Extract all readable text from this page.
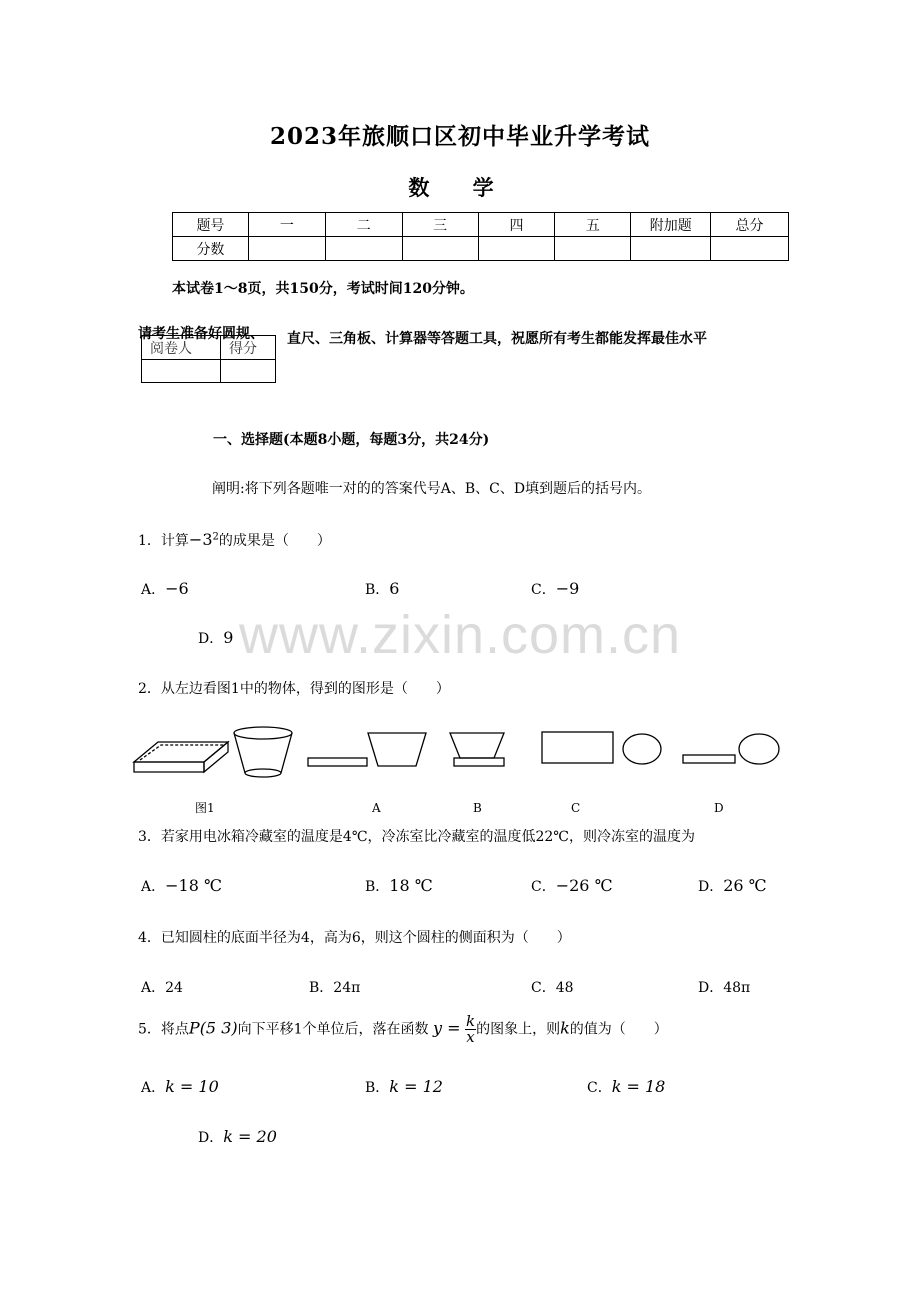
2023年旅顺口区初中毕业升学考试
数 学
题号	一	二	三	四	五	附加题	总分
分数							
本试卷1～8页，共150分，考试时间120分钟。
请考生准备好圆规、	直尺、三角板、计算器等答题工具，祝愿所有考生都能发挥最佳水平
阅卷人	得分

一、选择题(本题8小题，每题3分，共24分)
阐明:将下列各题唯一对的的答案代号A、B、C、D填到题后的括号内。
www.zixin.com.cn
1．计算$-3^2$的成果是（　　）
A．−6	B．6	C．−9
D．9
2．从左边看图1中的物体，得到的图形是（　　）
图1	A	B	C	D
3．若家用电冰箱冷藏室的温度是4℃，冷冻室比冷藏室的温度低22℃，则冷冻室的温度为
A．−18 ℃	B．18 ℃	C．−26 ℃	D．26 ℃
4．已知圆柱的底面半径为4，高为6，则这个圆柱的侧面积为（　　）
A．24	B．24π	C．48	D．48π
5．将点P(5 3)向下平移1个单位后，落在函数 $y = \frac{k}{x}$ 的图象上，则k的值为（　　）
A．k = 10	B．k = 12	C．k = 18
D．k = 20
